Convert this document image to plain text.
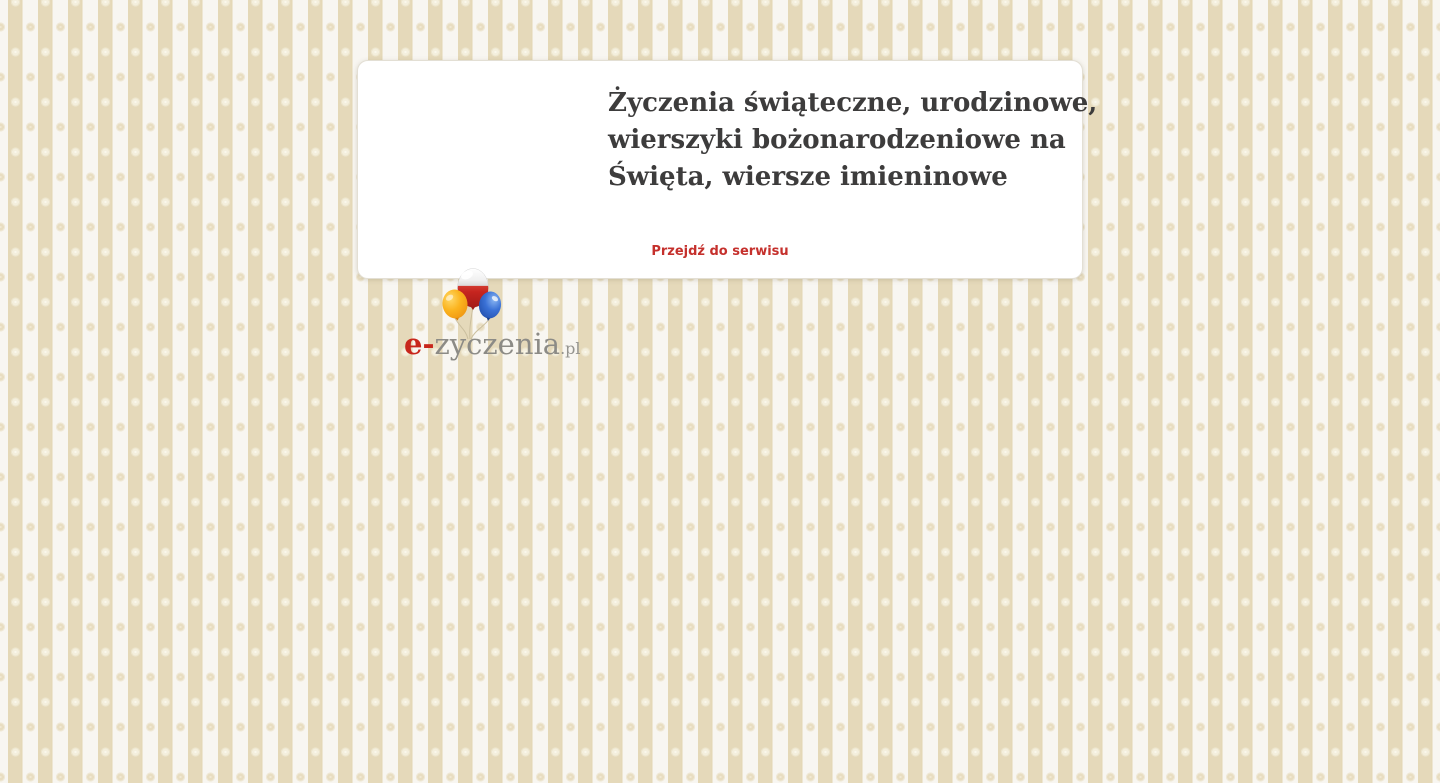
Życzenia świąteczne, urodzinowe,
wierszyki bożonarodzeniowe na
Święta, wiersze imieninowe
Przejdź do serwisu
e-zyczenia.pl
